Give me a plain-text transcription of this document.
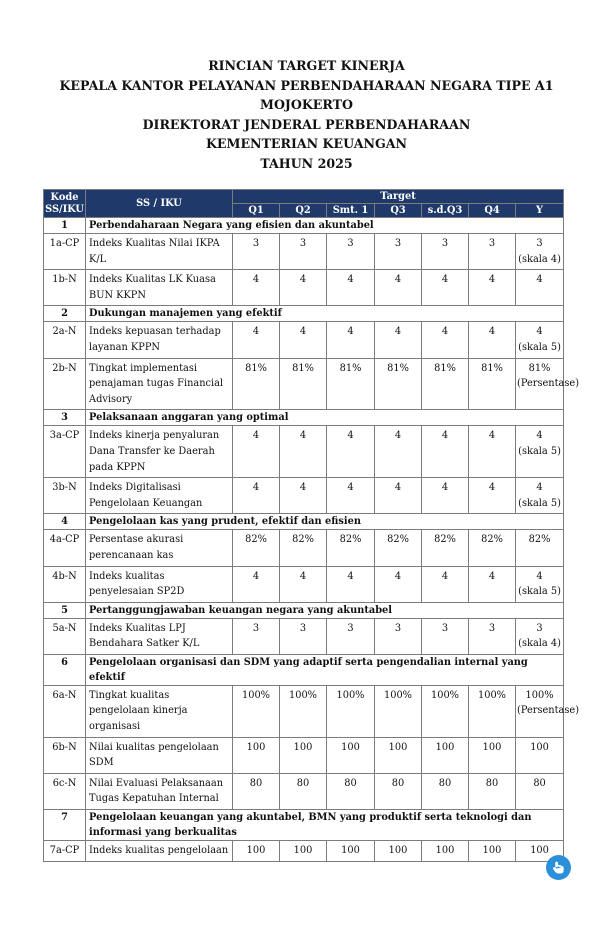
RINCIAN TARGET KINERJA
KEPALA KANTOR PELAYANAN PERBENDAHARAAN NEGARA TIPE A1
MOJOKERTO
DIREKTORAT JENDERAL PERBENDAHARAAN
KEMENTERIAN KEUANGAN
TAHUN 2025
Kode
SS/IKU	SS / IKU	Target						
		Q1	Q2	Smt. 1	Q3	s.d.Q3	Q4	Y
1	Perbendaharaan Negara yang efisien dan akuntabel							
1a-CP	Indeks Kualitas Nilai IKPA K/L	3	3	3	3	3	3	3
(skala 4)

1b-N	Indeks Kualitas LK Kuasa BUN KKPN	4	4	4	4	4	4	4

2	Dukungan manajemen yang efektif							
2a-N	Indeks kepuasan terhadap layanan KPPN	4	4	4	4	4	4	4
(skala 5)

2b-N	Tingkat implementasi penajaman tugas Financial Advisory	81%	81%	81%	81%	81%	81%	81%
(Persentase)

3	Pelaksanaan anggaran yang optimal							
3a-CP	Indeks kinerja penyaluran Dana Transfer ke Daerah pada KPPN	4	4	4	4	4	4	4
(skala 5)

3b-N	Indeks Digitalisasi Pengelolaan Keuangan	4	4	4	4	4	4	4
(skala 5)

4	Pengelolaan kas yang prudent, efektif dan efisien							
4a-CP	Persentase akurasi perencanaan kas	82%	82%	82%	82%	82%	82%	82%

4b-N	Indeks kualitas penyelesaian SP2D	4	4	4	4	4	4	4
(skala 5)

5	Pertanggungjawaban keuangan negara yang akuntabel							
5a-N	Indeks Kualitas LPJ Bendahara Satker K/L	3	3	3	3	3	3	3
(skala 4)

6	Pengelolaan organisasi dan SDM yang adaptif serta pengendalian internal yang efektif							
6a-N	Tingkat kualitas pengelolaan kinerja organisasi	100%	100%	100%	100%	100%	100%	100%
(Persentase)

6b-N	Nilai kualitas pengelolaan SDM	100	100	100	100	100	100	100

6c-N	Nilai Evaluasi Pelaksanaan Tugas Kepatuhan Internal	80	80	80	80	80	80	80

7	Pengelolaan keuangan yang akuntabel, BMN yang produktif serta teknologi dan informasi yang berkualitas							
7a-CP	Indeks kualitas pengelolaan	100	100	100	100	100	100	100
